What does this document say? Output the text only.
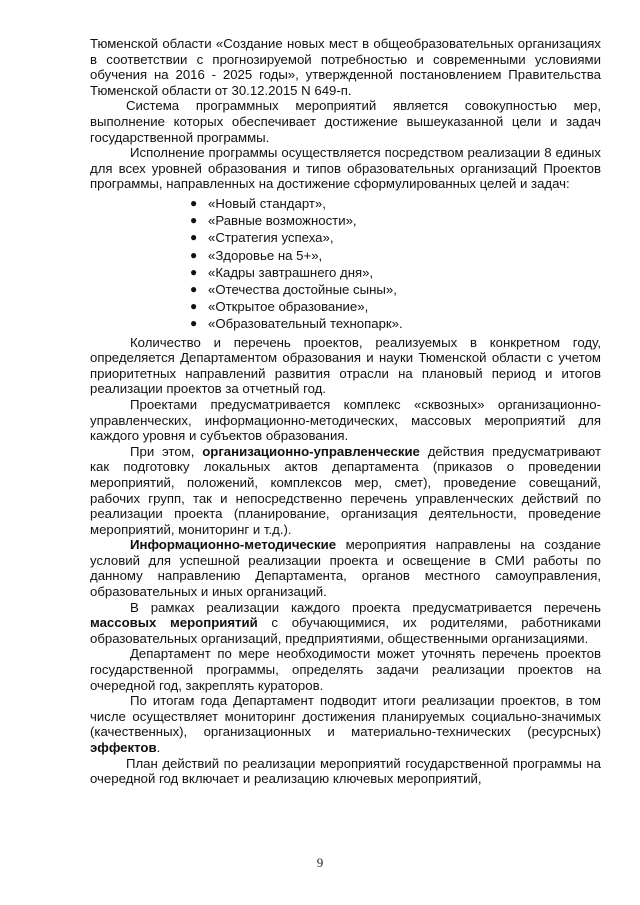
Тюменской области «Создание новых мест в общеобразовательных организациях в соответствии с прогнозируемой потребностью и современными условиями обучения на 2016 - 2025 годы», утвержденной постановлением Правительства Тюменской области от 30.12.2015 N 649-п.

Система программных мероприятий является совокупностью мер, выполнение которых обеспечивает достижение вышеуказанной цели и задач государственной программы.

Исполнение программы осуществляется посредством реализации 8 единых для всех уровней образования и типов образовательных организаций Проектов программы, направленных на достижение сформулированных целей и задач:

● «Новый стандарт»,
● «Равные возможности»,
● «Стратегия успеха»,
● «Здоровье на 5+»,
● «Кадры завтрашнего дня»,
● «Отечества достойные сыны»,
● «Открытое образование»,
● «Образовательный технопарк».

Количество и перечень проектов, реализуемых в конкретном году, определяется Департаментом образования и науки Тюменской области с учетом приоритетных направлений развития отрасли на плановый период и итогов реализации проектов за отчетный год.

Проектами предусматривается комплекс «сквозных» организационно-управленческих, информационно-методических, массовых мероприятий для каждого уровня и субъектов образования.

При этом, организационно-управленческие действия предусматривают как подготовку локальных актов департамента (приказов о проведении мероприятий, положений, комплексов мер, смет), проведение совещаний, рабочих групп, так и непосредственно перечень управленческих действий по реализации проекта (планирование, организация деятельности, проведение мероприятий, мониторинг и т.д.).

Информационно-методические мероприятия направлены на создание условий для успешной реализации проекта и освещение в СМИ работы по данному направлению Департамента, органов местного самоуправления, образовательных и иных организаций.

В рамках реализации каждого проекта предусматривается перечень массовых мероприятий с обучающимися, их родителями, работниками образовательных организаций, предприятиями, общественными организациями.

Департамент по мере необходимости может уточнять перечень проектов государственной программы, определять задачи реализации проектов на очередной год, закреплять кураторов.

По итогам года Департамент подводит итоги реализации проектов, в том числе осуществляет мониторинг достижения планируемых социально-значимых (качественных), организационных и материально-технических (ресурсных) эффектов.

План действий по реализации мероприятий государственной программы на очередной год включает и реализацию ключевых мероприятий,

9
